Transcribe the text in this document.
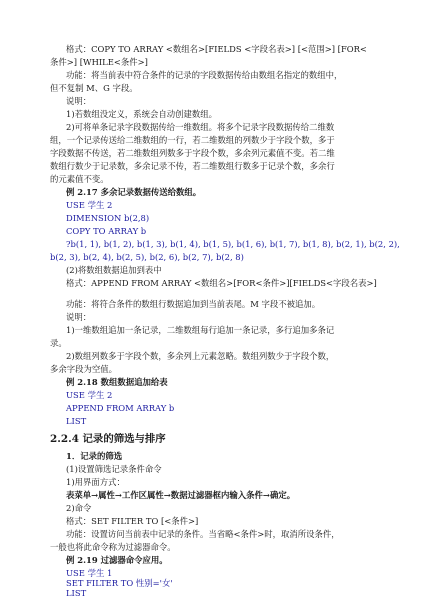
格式：COPY TO ARRAY <数组名>[FIELDS <字段名表>] [<范围>] [FOR<
条件>] [WHILE<条件>]
功能：将当前表中符合条件的记录的字段数据传给由数组名指定的数组中，
但不复制 M、G 字段。
说明：
1)若数组没定义，系统会自动创建数组。
2)可将单条记录字段数据传给一维数组。将多个记录字段数据传给二维数
组，一个记录传送给二维数组的一行，若二维数组的列数少于字段个数，多于
字段数据不传送，若二维数组列数多于字段个数，多余列元素值不变。若二维
数组行数少于记录数，多余记录不传，若二维数组行数多于记录个数，多余行
的元素值不变。
例 2.17 多余记录数据传送给数组。
USE 学生 2
DIMENSION b(2,8)
COPY TO ARRAY b
?b(1, 1), b(1, 2), b(1, 3), b(1, 4), b(1, 5), b(1, 6), b(1, 7), b(1, 8), b(2, 1), b(2, 2),
b(2, 3), b(2, 4), b(2, 5), b(2, 6), b(2, 7), b(2, 8)
(2)将数组数据追加到表中
格式：APPEND FROM ARRAY <数组名>[FOR<条件>][FIELDS<字段名表>]
功能：将符合条件的数组行数据追加到当前表尾。M 字段不被追加。
说明：
1)一维数组追加一条记录，二维数组每行追加一条记录，多行追加多条记
录。
2)数组列数多于字段个数，多余列上元素忽略。数组列数少于字段个数，
多余字段为空值。
例 2.18 数组数据追加给表
USE 学生 2
APPEND FROM ARRAY b
LIST
2.2.4 记录的筛选与排序
1．记录的筛选
(1)设置筛选记录条件命令
1)用界面方式：
表菜单→属性→工作区属性→数据过滤器框内输入条件→确定。
2)命令
格式：SET FILTER TO [<条件>]
功能：设置访问当前表中记录的条件。当省略<条件>时，取消所设条件，
一般也将此命令称为过滤器命令。
例 2.19 过滤器命令应用。
USE 学生 1
SET FILTER TO 性别='女'
LIST
